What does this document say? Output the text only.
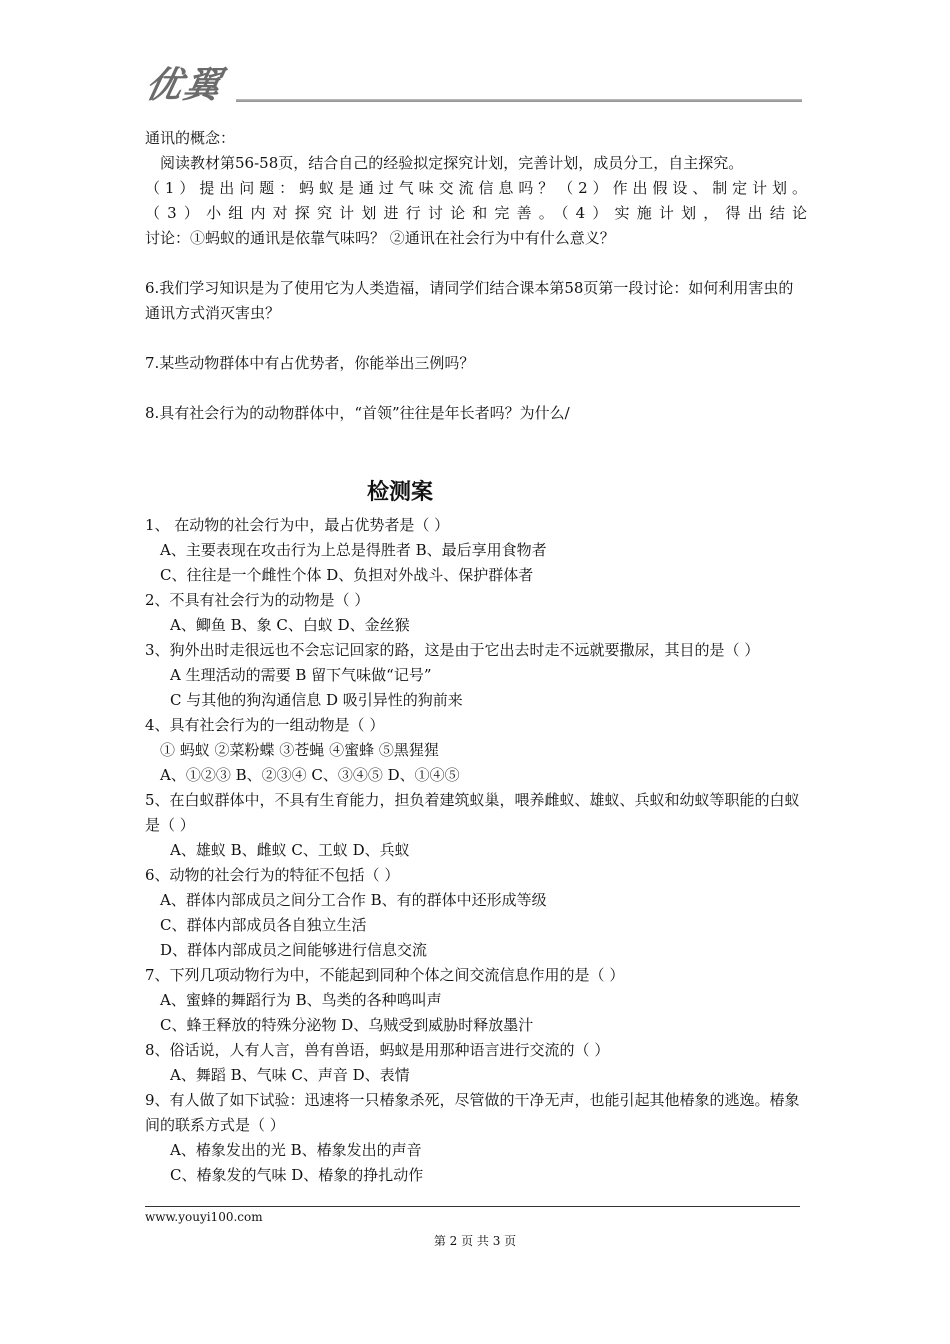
优翼

通讯的概念：

阅读教材第56-58页，结合自己的经验拟定探究计划，完善计划，成员分工，自主探究。

（1）提出问题：蚂蚁是通过气味交流信息吗？（2）作出假设、制定计划。

（3）小组内对探究计划进行讨论和完善。（4）实施计划，得出结论

讨论：①蚂蚁的通讯是依靠气味吗？ ②通讯在社会行为中有什么意义？

6.我们学习知识是为了使用它为人类造福，请同学们结合课本第58页第一段讨论：如何利用害虫的通讯方式消灭害虫？

7.某些动物群体中有占优势者，你能举出三例吗？

8.具有社会行为的动物群体中，“首领”往往是年长者吗？为什么/

检测案

1、 在动物的社会行为中，最占优势者是（ ）

A、主要表现在攻击行为上总是得胜者 B、最后享用食物者

C、往往是一个雌性个体 D、负担对外战斗、保护群体者

2、不具有社会行为的动物是（ ）

A、鲫鱼 B、象 C、白蚁 D、金丝猴

3、狗外出时走很远也不会忘记回家的路，这是由于它出去时走不远就要撒尿，其目的是（ ）

A 生理活动的需要 B 留下气味做“记号”

C 与其他的狗沟通信息 D 吸引异性的狗前来

4、具有社会行为的一组动物是（ ）

① 蚂蚁 ②菜粉蝶 ③苍蝇 ④蜜蜂 ⑤黑猩猩

A、①②③ B、②③④ C、③④⑤ D、①④⑤

5、在白蚁群体中，不具有生育能力，担负着建筑蚁巢，喂养雌蚁、雄蚁、兵蚁和幼蚁等职能的白蚁是（ ）

A、雄蚁 B、雌蚁 C、工蚁 D、兵蚁

6、动物的社会行为的特征不包括（ ）

A、群体内部成员之间分工合作 B、有的群体中还形成等级

C、群体内部成员各自独立生活

D、群体内部成员之间能够进行信息交流

7、下列几项动物行为中，不能起到同种个体之间交流信息作用的是（ ）

A、蜜蜂的舞蹈行为 B、鸟类的各种鸣叫声

C、蜂王释放的特殊分泌物 D、乌贼受到威胁时释放墨汁

8、俗话说，人有人言，兽有兽语，蚂蚁是用那种语言进行交流的（ ）

A、舞蹈 B、气味 C、声音 D、表情

9、有人做了如下试验：迅速将一只椿象杀死，尽管做的干净无声，也能引起其他椿象的逃逸。椿象间的联系方式是（ ）

A、椿象发出的光 B、椿象发出的声音

C、椿象发的气味 D、椿象的挣扎动作

www.youyi100.com
第 2 页 共 3 页
